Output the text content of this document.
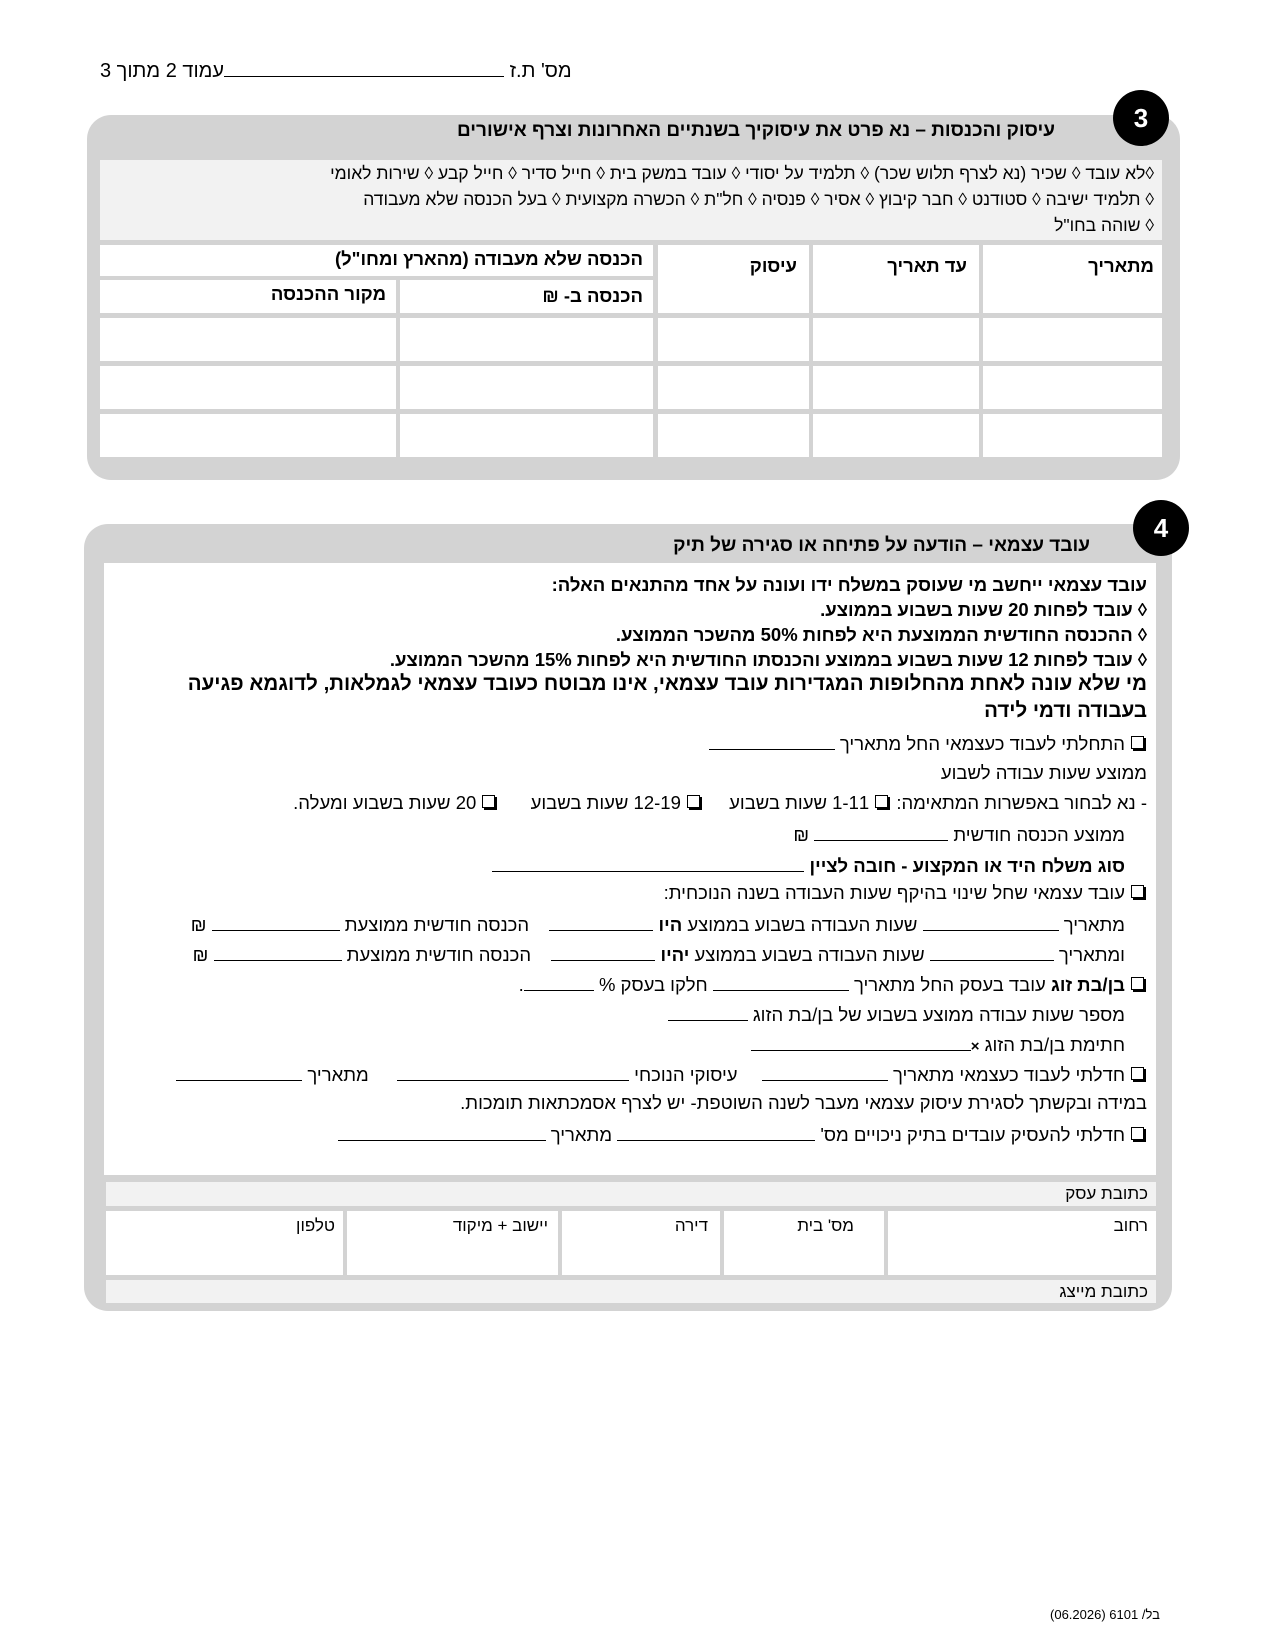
עמוד 2 מתוך 3	מס' ת.ז
3
עיסוק והכנסות – נא פרט את עיסוקיך בשנתיים האחרונות וצרף אישורים
◊לא עובד ◊ שכיר (נא לצרף תלוש שכר) ◊ תלמיד על יסודי ◊ עובד במשק בית ◊ חייל סדיר ◊ חייל קבע ◊ שירות לאומי
◊ תלמיד ישיבה ◊ סטודנט ◊ חבר קיבוץ ◊ אסיר ◊ פנסיה ◊ חל"ת ◊ הכשרה מקצועית ◊ בעל הכנסה שלא מעבודה
◊ שוהה בחו"ל
מתאריך
עד תאריך
עיסוק
הכנסה שלא מעבודה (מהארץ ומחו"ל)
הכנסה ב- ₪
מקור ההכנסה
4
עובד עצמאי – הודעה על פתיחה או סגירה של תיק
עובד עצמאי ייחשב מי שעוסק במשלח ידו ועונה על אחד מהתנאים האלה:
◊ עובד לפחות 20 שעות בשבוע בממוצע.
◊ ההכנסה החודשית הממוצעת היא לפחות 50% מהשכר הממוצע.
◊ עובד לפחות 12 שעות בשבוע בממוצע והכנסתו החודשית היא לפחות 15% מהשכר הממוצע.
מי שלא עונה לאחת מהחלופות המגדירות עובד עצמאי, אינו מבוטח כעובד עצמאי לגמלאות, לדוגמא פגיעה
בעבודה ודמי לידה
התחלתי לעבוד כעצמאי החל מתאריך
ממוצע שעות עבודה לשבוע
- נא לבחור באפשרות המתאימה: 1-11 שעות בשבוע  12-19 שעות בשבוע  20 שעות בשבוע ומעלה.
ממוצע הכנסה חודשית  ₪
סוג משלח היד או המקצוע - חובה לציין
עובד עצמאי שחל שינוי בהיקף שעות העבודה בשנה הנוכחית:
מתאריך  שעות העבודה בשבוע בממוצע היו   הכנסה חודשית ממוצעת  ₪
ומתאריך  שעות העבודה בשבוע בממוצע יהיו   הכנסה חודשית ממוצעת  ₪
בן/בת זוג עובד בעסק החל מתאריך  חלקו בעסק % .
מספר שעות עבודה ממוצע בשבוע של בן/בת הזוג
חתימת בן/בת הזוג ×
חדלתי לעבוד כעצמאי מתאריך   עיסוקי הנוכחי   מתאריך
במידה ובקשתך לסגירת עיסוק עצמאי מעבר לשנה השוטפת- יש לצרף אסמכתאות תומכות.
חדלתי להעסיק עובדים בתיק ניכויים מס'  מתאריך
כתובת עסק
רחוב
מס' בית
דירה
יישוב + מיקוד
טלפון
כתובת מייצג
בל/ 6101 (06.2026)
